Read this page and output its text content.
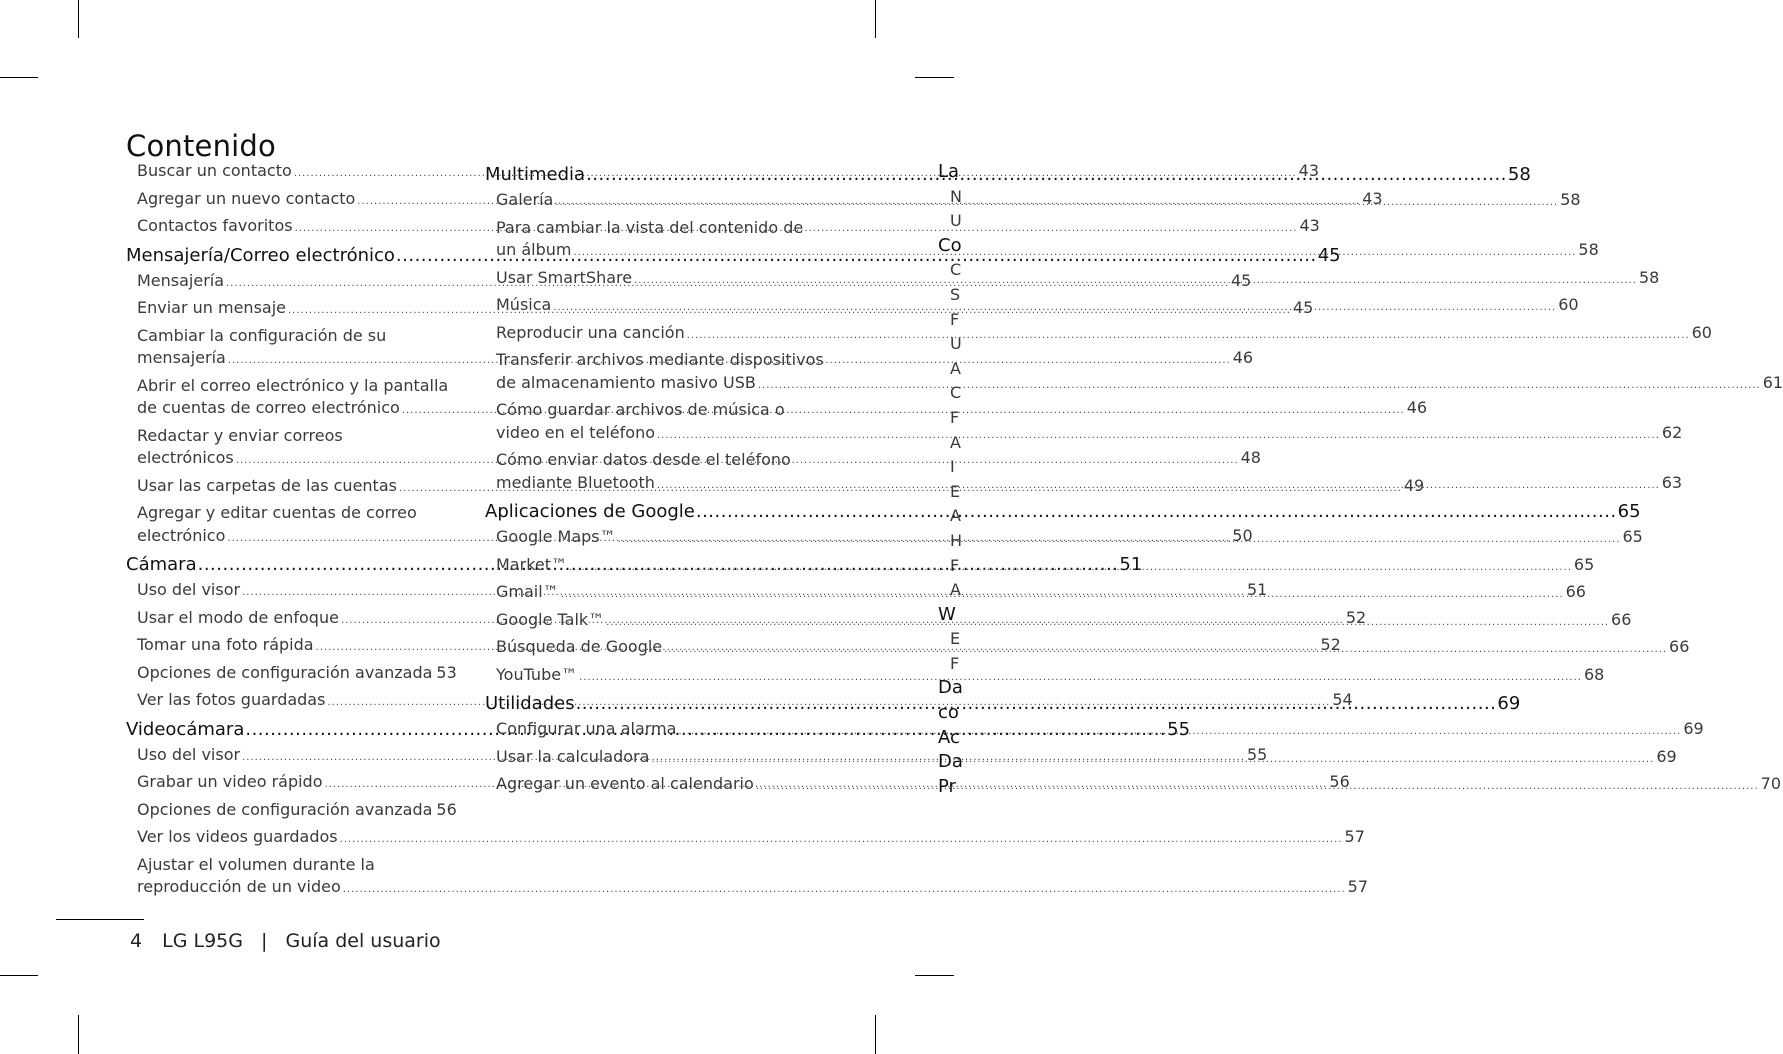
Contenido
Buscar un contacto .....	43
Agregar un nuevo contacto .....	43
Contactos favoritos .....	43
Mensajería/Correo electrónico .....	45
Mensajería .....	45
Enviar un mensaje .....	45
Cambiar la configuración de su
mensajería .....	46
Abrir el correo electrónico y la pantalla
de cuentas de correo electrónico .....	46
Redactar y enviar correos
electrónicos .....	48
Usar las carpetas de las cuentas .....	49
Agregar y editar cuentas de correo
electrónico .....	50
Cámara .....	51
Uso del visor .....	51
Usar el modo de enfoque .....	52
Tomar una foto rápida .....	52
Opciones de configuración avanzada 53
Ver las fotos guardadas .....	54
Videocámara .....	55
Uso del visor .....	55
Grabar un video rápido .....	56
Opciones de configuración avanzada 56
Ver los videos guardados .....	57
Ajustar el volumen durante la
reproducción de un video .....	57
Multimedia .....	58
Galería .....	58
Para cambiar la vista del contenido de
un álbum .....	58
Usar SmartShare .....	58
Música .....	60
Reproducir una canción .....	60
Transferir archivos mediante dispositivos
de almacenamiento masivo USB .....	61
Cómo guardar archivos de música o
video en el teléfono .....	62
Cómo enviar datos desde el teléfono
mediante Bluetooth .....	63
Aplicaciones de Google .....	65
Google Maps™ .....	65
Market™ .....	65
Gmail™ .....	66
Google Talk™ .....	66
Búsqueda de Google .....	66
YouTube™ .....	68
Utilidades .....	69
Configurar una alarma .....	69
Usar la calculadora .....	69
Agregar un evento al calendario .....	70
La
N
U
Co
C
S
F
U
A
C
F
A
I
E
A
H
F
A
W
E
F
Da
co
Ac
Da
Pr
4 LG L95G | Guía del usuario
